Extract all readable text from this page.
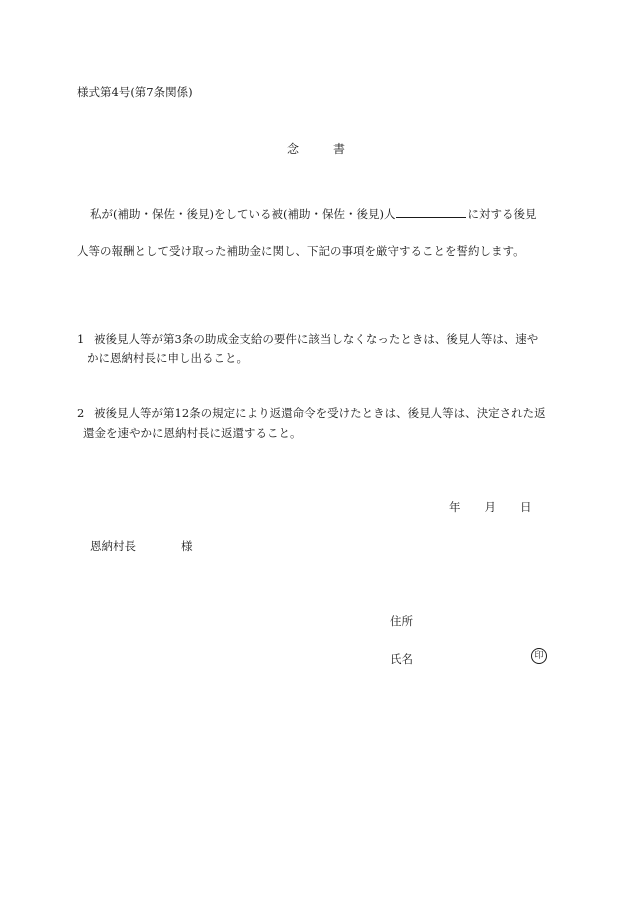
様式第4号(第7条関係)
念	書
私が(補助・保佐・後見)をしている被(補助・保佐・後見)人	に対する後見
人等の報酬として受け取った補助金に関し、下記の事項を厳守することを誓約します。
1 被後見人等が第3条の助成金支給の要件に該当しなくなったときは、後見人等は、速や
かに恩納村長に申し出ること。
2 被後見人等が第12条の規定により返還命令を受けたときは、後見人等は、決定された返
還金を速やかに恩納村長に返還すること。
年 月 日
恩納村長	様
住所
氏名	印
